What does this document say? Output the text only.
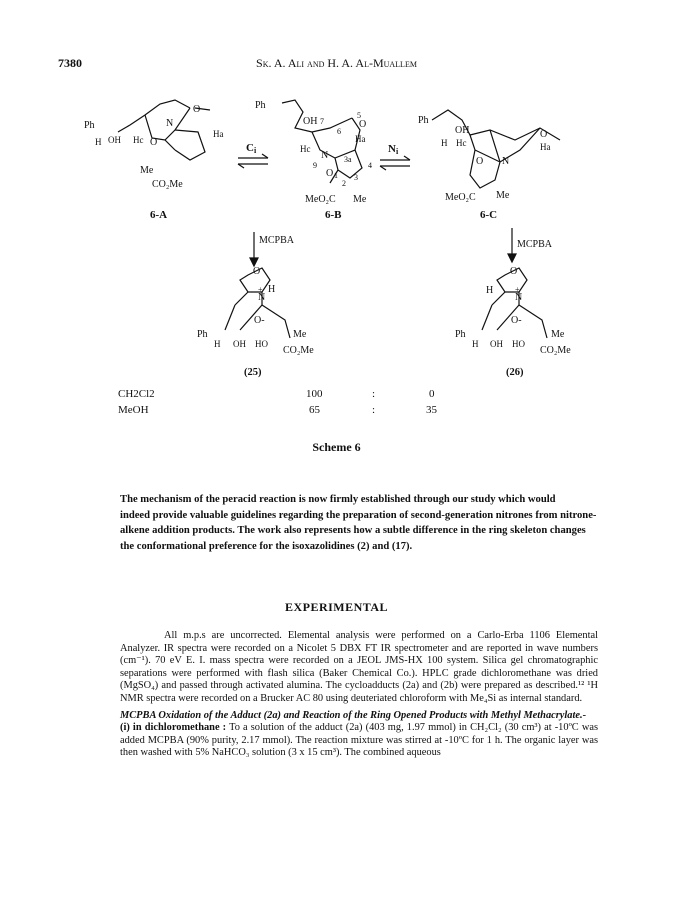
7380	Sk. A. Ali and H. A. Al-Muallem
Ph
H OH Hc O
N
O
Ha
Me
CO₂Me
6-A
Ci
Ph
OH 7
6
5
O
Ha
Hc
N 3a
4
9
O 1
2
3
MeO₂C Me
6-B
Ni
Ph
OH
H Hc
O
Ha
O N
MeO₂C Me
6-C
MCPBA	MCPBA
O
N
+ H
O-
Ph
H OH HO
Me
CO₂Me
(25)
O
N
+
H
O-
Ph
H OH HO
Me
CO₂Me
(26)
CH2Cl2	100	:	0
MeOH	65	:	35
Scheme 6
The mechanism of the peracid reaction is now firmly established through our study which would
indeed provide valuable guidelines regarding the preparation of second-generation nitrones from nitrone-
alkene addition products. The work also represents how a subtle difference in the ring skeleton changes
the conformational preference for the isoxazolidines (2) and (17).
EXPERIMENTAL

All m.p.s are uncorrected. Elemental analysis were performed on a Carlo-Erba 1106 Elemental Analyzer. IR spectra were recorded on a Nicolet 5 DBX FT IR spectrometer and are reported in wave numbers (cm⁻¹). 70 eV E. I. mass spectra were recorded on a JEOL JMS-HX 100 system. Silica gel chromatographic separations were performed with flash silica (Baker Chemical Co.). HPLC grade dichloromethane was dried (MgSO₄) and passed through activated alumina. The cycloadducts (2a) and (2b) were prepared as described.¹² ¹H NMR spectra were recorded on a Brucker AC 80 using deuteriated chloroform with Me₄Si as internal standard.

MCPBA Oxidation of the Adduct (2a) and Reaction of the Ring Opened Products with Methyl Methacrylate.-

(i) in dichloromethane : To a solution of the adduct (2a) (403 mg, 1.97 mmol) in CH₂Cl₂ (30 cm³) at -10ºC was added MCPBA (90% purity, 2.17 mmol). The reaction mixture was stirred at -10ºC for 1 h. The organic layer was then washed with 5% NaHCO₃ solution (3 x 15 cm³). The combined aqueous
